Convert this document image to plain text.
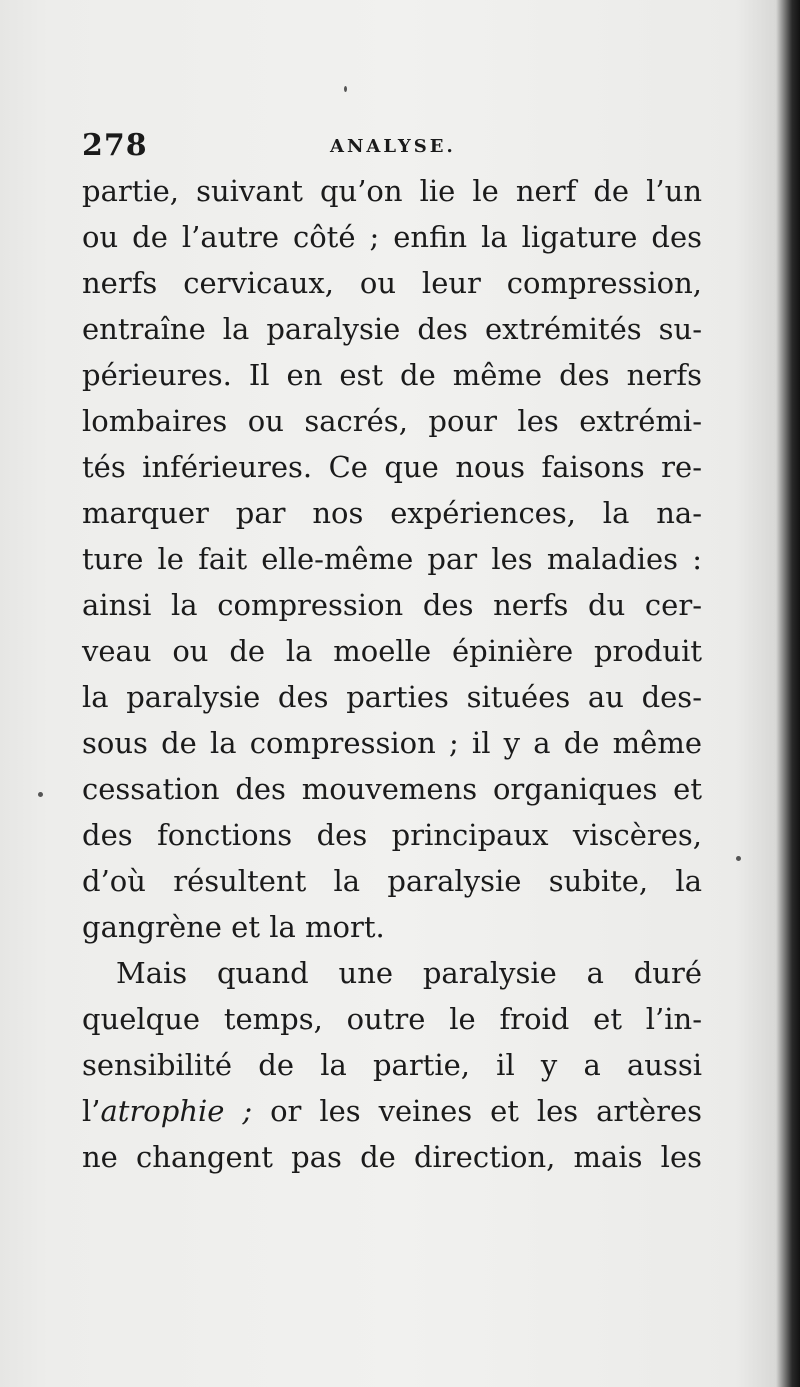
278	ANALYSE.
partie, suivant qu’on lie le nerf de l’un
ou de l’autre côté ; enfin la ligature des
nerfs cervicaux, ou leur compression,
entraîne la paralysie des extrémités su-
périeures. Il en est de même des nerfs
lombaires ou sacrés, pour les extrémi-
tés inférieures. Ce que nous faisons re-
marquer par nos expériences, la na-
ture le fait elle-même par les maladies :
ainsi la compression des nerfs du cer-
veau ou de la moelle épinière produit
la paralysie des parties situées au des-
sous de la compression ; il y a de même
cessation des mouvemens organiques et
des fonctions des principaux viscères,
d’où résultent la paralysie subite, la
gangrène et la mort.
Mais quand une paralysie a duré
quelque temps, outre le froid et l’in-
sensibilité de la partie, il y a aussi
l’atrophie ; or les veines et les artères
ne changent pas de direction, mais les
